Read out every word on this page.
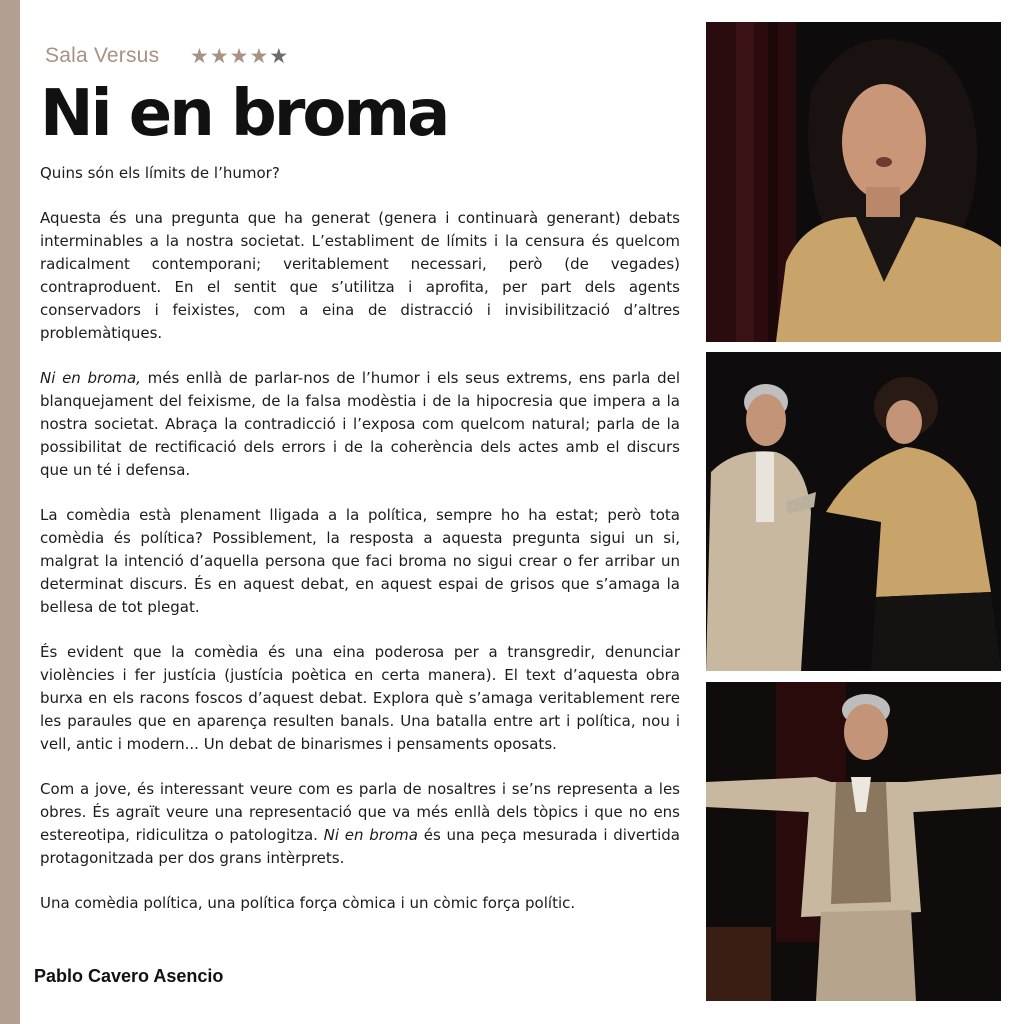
Sala Versus ★★★★★
Ni en broma

Quins són els límits de l’humor?

Aquesta és una pregunta que ha generat (genera i continuarà generant) debats interminables a la nostra societat. L’establiment de límits i la censura és quelcom radicalment contemporani; veritablement necessari, però (de vegades) contraproduent. En el sentit que s’utilitza i aprofita, per part dels agents conservadors i feixistes, com a eina de distracció i invisibilització d’altres problemàtiques.

Ni en broma, més enllà de parlar-nos de l’humor i els seus extrems, ens parla del blanquejament del feixisme, de la falsa modèstia i de la hipocresia que impera a la nostra societat. Abraça la contradicció i l’exposa com quelcom natural; parla de la possibilitat de rectificació dels errors i de la coherència dels actes amb el discurs que un té i defensa.

La comèdia està plenament lligada a la política, sempre ho ha estat; però tota comèdia és política? Possiblement, la resposta a aquesta pregunta sigui un si, malgrat la intenció d’aquella persona que faci broma no sigui crear o fer arribar un determinat discurs. És en aquest debat, en aquest espai de grisos que s’amaga la bellesa de tot plegat.

És evident que la comèdia és una eina poderosa per a transgredir, denunciar violències i fer justícia (justícia poètica en certa manera). El text d’aquesta obra burxa en els racons foscos d’aquest debat. Explora què s’amaga veritablement rere les paraules que en aparença resulten banals. Una batalla entre art i política, nou i vell, antic i modern... Un debat de binarismes i pensaments oposats.

Com a jove, és interessant veure com es parla de nosaltres i se’ns representa a les obres. És agraït veure una representació que va més enllà dels tòpics i que no ens estereotipa, ridiculitza o patologitza. Ni en broma és una peça mesurada i divertida protagonitzada per dos grans intèrprets.

Una comèdia política, una política força còmica i un còmic força polític.

Pablo Cavero Asencio
